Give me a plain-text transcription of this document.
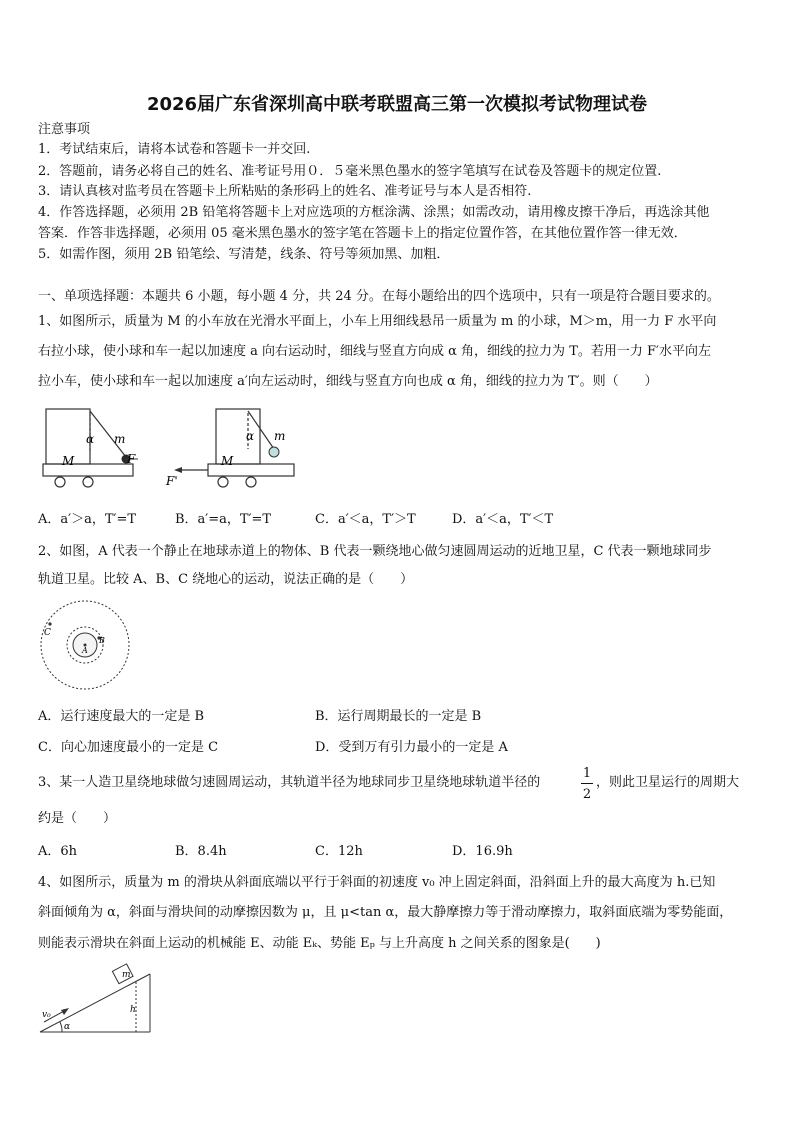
2026届广东省深圳高中联考联盟高三第一次模拟考试物理试卷
注意事项
1．考试结束后，请将本试卷和答题卡一并交回.
2．答题前，请务必将自己的姓名、准考证号用０．５毫米黑色墨水的签字笔填写在试卷及答题卡的规定位置.
3．请认真核对监考员在答题卡上所粘贴的条形码上的姓名、准考证号与本人是否相符.
4．作答选择题，必须用 2B 铅笔将答题卡上对应选项的方框涂满、涂黑；如需改动，请用橡皮擦干净后，再选涂其他
答案．作答非选择题，必须用 05 毫米黑色墨水的签字笔在答题卡上的指定位置作答，在其他位置作答一律无效．
5．如需作图，须用 2B 铅笔绘、写清楚，线条、符号等须加黑、加粗．
一、单项选择题：本题共 6 小题，每小题 4 分，共 24 分。在每小题给出的四个选项中，只有一项是符合题目要求的。
1、如图所示，质量为 M 的小车放在光滑水平面上，小车上用细线悬吊一质量为 m 的小球，M＞m，用一力 F 水平向
右拉小球，使小球和车一起以加速度 a 向右运动时，细线与竖直方向成 α 角，细线的拉力为 T。若用一力 F′水平向左
拉小车，使小球和车一起以加速度 a′向左运动时，细线与竖直方向也成 α 角，细线的拉力为 T′。则（　　）
α m
M	F
α m
M
F'
A．a′＞a，T′=T	B．a′=a，T′=T	C．a′＜a，T′＞T	D．a′＜a，T′＜T
2、如图，A 代表一个静止在地球赤道上的物体、B 代表一颗绕地心做匀速圆周运动的近地卫星，C 代表一颗地球同步
轨道卫星。比较 A、B、C 绕地心的运动，说法正确的是（　　）
C
B
A
A．运行速度最大的一定是 B	B．运行周期最长的一定是 B
C．向心加速度最小的一定是 C	D．受到万有引力最小的一定是 A
3、某一人造卫星绕地球做匀速圆周运动，其轨道半径为地球同步卫星绕地球轨道半径的
1
2
，则此卫星运行的周期大
约是（　　）
A．6h	B．8.4h	C．12h	D．16.9h
4、如图所示，质量为 m 的滑块从斜面底端以平行于斜面的初速度 v₀ 冲上固定斜面，沿斜面上升的最大高度为 h.已知
斜面倾角为 α，斜面与滑块间的动摩擦因数为 μ，且 μ<tan α，最大静摩擦力等于滑动摩擦力，取斜面底端为零势能面，
则能表示滑块在斜面上运动的机械能 E、动能 Eₖ、势能 Eₚ 与上升高度 h 之间关系的图象是(　　)
m
h
v₀
α
